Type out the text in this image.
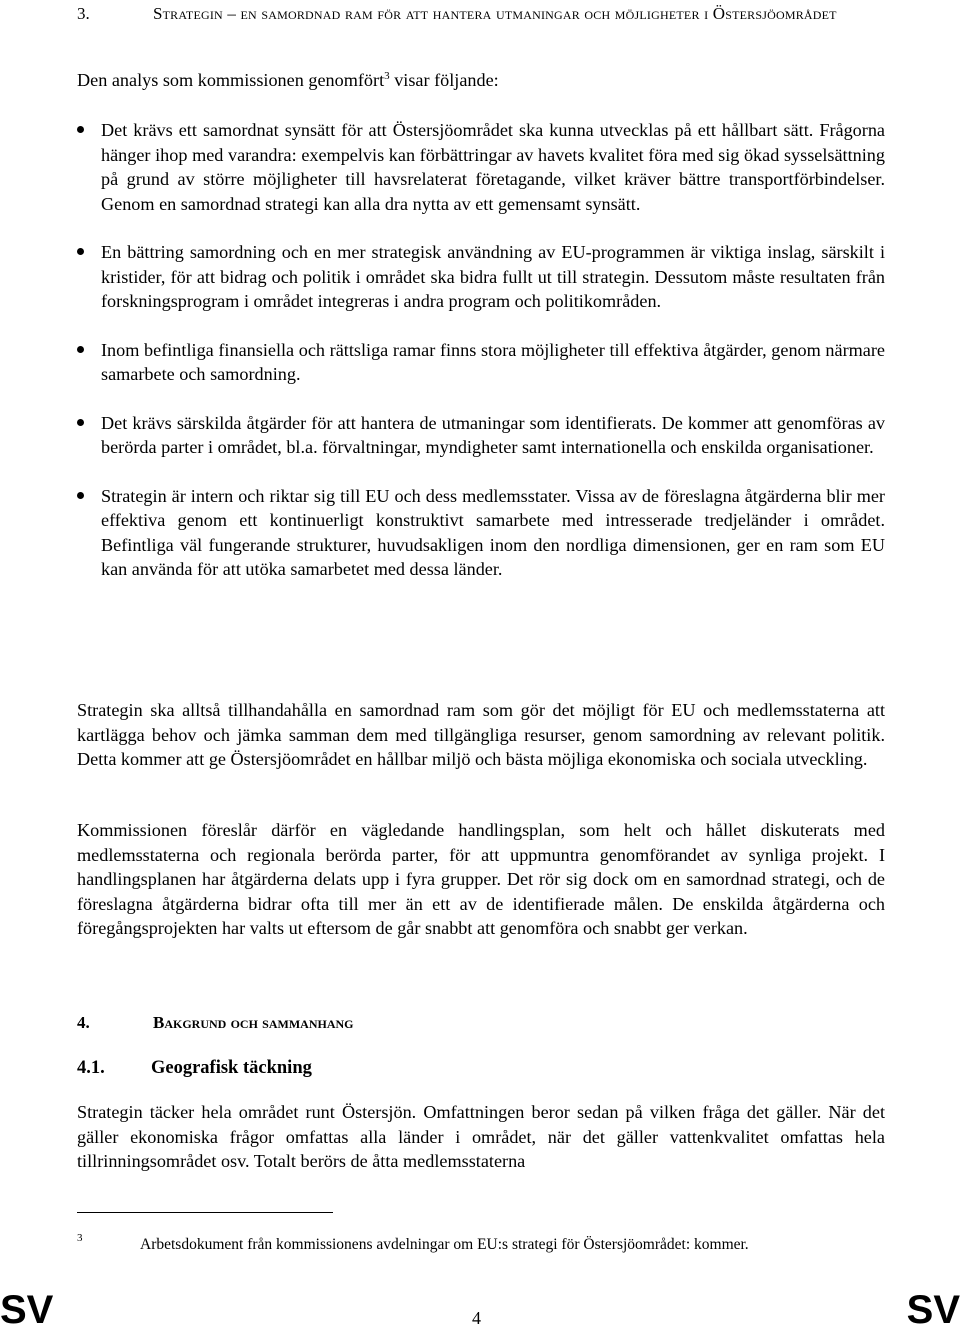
3.	Strategin – en samordnad ram för att hantera utmaningar och möjligheter i Östersjöområdet

Den analys som kommissionen genomfört$^3$ visar följande:

Det krävs ett samordnat synsätt för att Östersjöområdet ska kunna utvecklas på ett hållbart sätt. Frågorna hänger ihop med varandra: exempelvis kan förbättringar av havets kvalitet föra med sig ökad sysselsättning på grund av större möjligheter till havsrelaterat företagande, vilket kräver bättre transportförbindelser. Genom en samordnad strategi kan alla dra nytta av ett gemensamt synsätt.
En bättring samordning och en mer strategisk användning av EU-programmen är viktiga inslag, särskilt i kristider, för att bidrag och politik i området ska bidra fullt ut till strategin. Dessutom måste resultaten från forskningsprogram i området integreras i andra program och politikområden.
Inom befintliga finansiella och rättsliga ramar finns stora möjligheter till effektiva åtgärder, genom närmare samarbete och samordning.
Det krävs särskilda åtgärder för att hantera de utmaningar som identifierats. De kommer att genomföras av berörda parter i området, bl.a. förvaltningar, myndigheter samt internationella och enskilda organisationer.
Strategin är intern och riktar sig till EU och dess medlemsstater. Vissa av de föreslagna åtgärderna blir mer effektiva genom ett kontinuerligt konstruktivt samarbete med intresserade tredjeländer i området. Befintliga väl fungerande strukturer, huvudsakligen inom den nordliga dimensionen, ger en ram som EU kan använda för att utöka samarbetet med dessa länder.

Strategin ska alltså tillhandahålla en samordnad ram som gör det möjligt för EU och medlemsstaterna att kartlägga behov och jämka samman dem med tillgängliga resurser, genom samordning av relevant politik. Detta kommer att ge Östersjöområdet en hållbar miljö och bästa möjliga ekonomiska och sociala utveckling.

Kommissionen föreslår därför en vägledande handlingsplan, som helt och hållet diskuterats med medlemsstaterna och regionala berörda parter, för att uppmuntra genomförandet av synliga projekt. I handlingsplanen har åtgärderna delats upp i fyra grupper. Det rör sig dock om en samordnad strategi, och de föreslagna åtgärderna bidrar ofta till mer än ett av de identifierade målen. De enskilda åtgärderna och föregångsprojekten har valts ut eftersom de går snabbt att genomföra och snabbt ger verkan.

4.	Bakgrund och sammanhang
4.1.	Geografisk täckning

Strategin täcker hela området runt Östersjön. Omfattningen beror sedan på vilken fråga det gäller. När det gäller ekonomiska frågor omfattas alla länder i området, när det gäller vattenkvalitet omfattas hela tillrinningsområdet osv. Totalt berörs de åtta medlemsstaterna

3	Arbetsdokument från kommissionens avdelningar om EU:s strategi för Östersjöområdet: kommer.
SV	4	SV
